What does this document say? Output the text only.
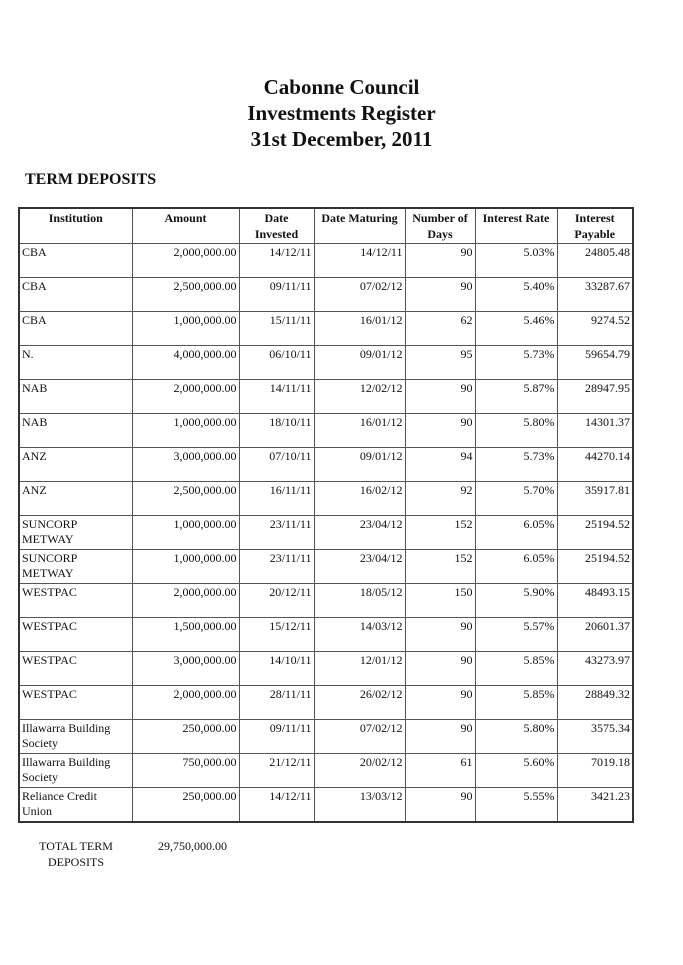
Cabonne Council

Investments Register

31st December, 2011

TERM DEPOSITS

Institution	Amount	Date Invested	Date Maturing	Number of Days	Interest Rate	Interest Payable
CBA	2,000,000.00	14/12/11	14/12/11	90	5.03%	24805.48
CBA	2,500,000.00	09/11/11	07/02/12	90	5.40%	33287.67
CBA	1,000,000.00	15/11/11	16/01/12	62	5.46%	9274.52
N.	4,000,000.00	06/10/11	09/01/12	95	5.73%	59654.79
NAB	2,000,000.00	14/11/11	12/02/12	90	5.87%	28947.95
NAB	1,000,000.00	18/10/11	16/01/12	90	5.80%	14301.37
ANZ	3,000,000.00	07/10/11	09/01/12	94	5.73%	44270.14
ANZ	2,500,000.00	16/11/11	16/02/12	92	5.70%	35917.81
SUNCORP METWAY	1,000,000.00	23/11/11	23/04/12	152	6.05%	25194.52
SUNCORP METWAY	1,000,000.00	23/11/11	23/04/12	152	6.05%	25194.52
WESTPAC	2,000,000.00	20/12/11	18/05/12	150	5.90%	48493.15
WESTPAC	1,500,000.00	15/12/11	14/03/12	90	5.57%	20601.37
WESTPAC	3,000,000.00	14/10/11	12/01/12	90	5.85%	43273.97
WESTPAC	2,000,000.00	28/11/11	26/02/12	90	5.85%	28849.32
Illawarra Building Society	250,000.00	09/11/11	07/02/12	90	5.80%	3575.34
Illawarra Building Society	750,000.00	21/12/11	20/02/12	61	5.60%	7019.18
Reliance Credit Union	250,000.00	14/12/11	13/03/12	90	5.55%	3421.23
TOTAL TERM DEPOSITS
29,750,000.00
